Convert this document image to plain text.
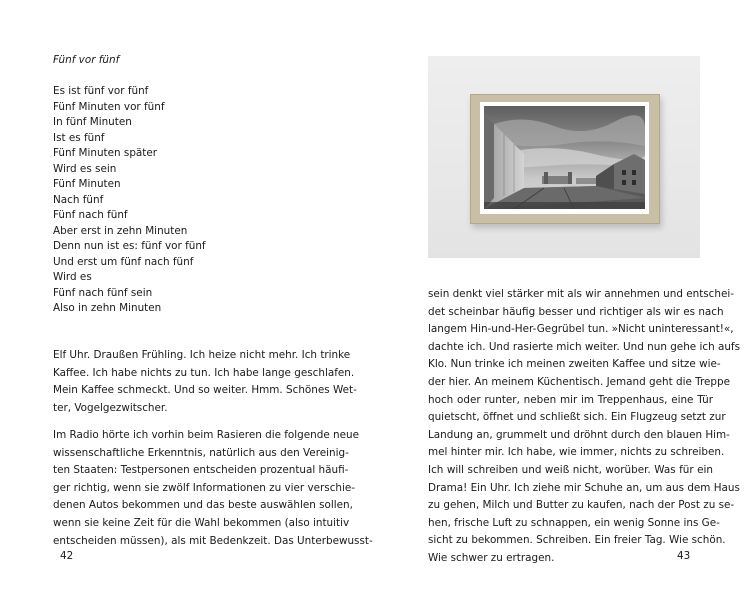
Fünf vor fünf

Es ist fünf vor fünf
Fünf Minuten vor fünf
In fünf Minuten
Ist es fünf
Fünf Minuten später
Wird es sein
Fünf Minuten
Nach fünf
Fünf nach fünf
Aber erst in zehn Minuten
Denn nun ist es: fünf vor fünf
Und erst um fünf nach fünf
Wird es
Fünf nach fünf sein
Also in zehn Minuten
Elf Uhr. Draußen Frühling. Ich heize nicht mehr. Ich trinke
Kaffee. Ich habe nichts zu tun. Ich habe lange geschlafen.
Mein Kaffee schmeckt. Und so weiter. Hmm. Schönes Wet-
ter, Vogelgezwitscher.
Im Radio hörte ich vorhin beim Rasieren die folgende neue
wissenschaftliche Erkenntnis, natürlich aus den Vereinig-
ten Staaten: Testpersonen entscheiden prozentual häufi-
ger richtig, wenn sie zwölf Informationen zu vier verschie-
denen Autos bekommen und das beste auswählen sollen,
wenn sie keine Zeit für die Wahl bekommen (also intuitiv
entscheiden müssen), als mit Bedenkzeit. Das Unterbewusst-
42
sein denkt viel stärker mit als wir annehmen und entschei-
det scheinbar häufig besser und richtiger als wir es nach
langem Hin-und-Her-Gegrübel tun. »Nicht uninteressant!«,
dachte ich. Und rasierte mich weiter. Und nun gehe ich aufs
Klo. Nun trinke ich meinen zweiten Kaffee und sitze wie-
der hier. An meinem Küchentisch. Jemand geht die Treppe
hoch oder runter, neben mir im Treppenhaus, eine Tür
quietscht, öffnet und schließt sich. Ein Flugzeug setzt zur
Landung an, grummelt und dröhnt durch den blauen Him-
mel hinter mir. Ich habe, wie immer, nichts zu schreiben.
Ich will schreiben und weiß nicht, worüber. Was für ein
Drama! Ein Uhr. Ich ziehe mir Schuhe an, um aus dem Haus
zu gehen, Milch und Butter zu kaufen, nach der Post zu se-
hen, frische Luft zu schnappen, ein wenig Sonne ins Ge-
sicht zu bekommen. Schreiben. Ein freier Tag. Wie schön.
Wie schwer zu ertragen.	43
